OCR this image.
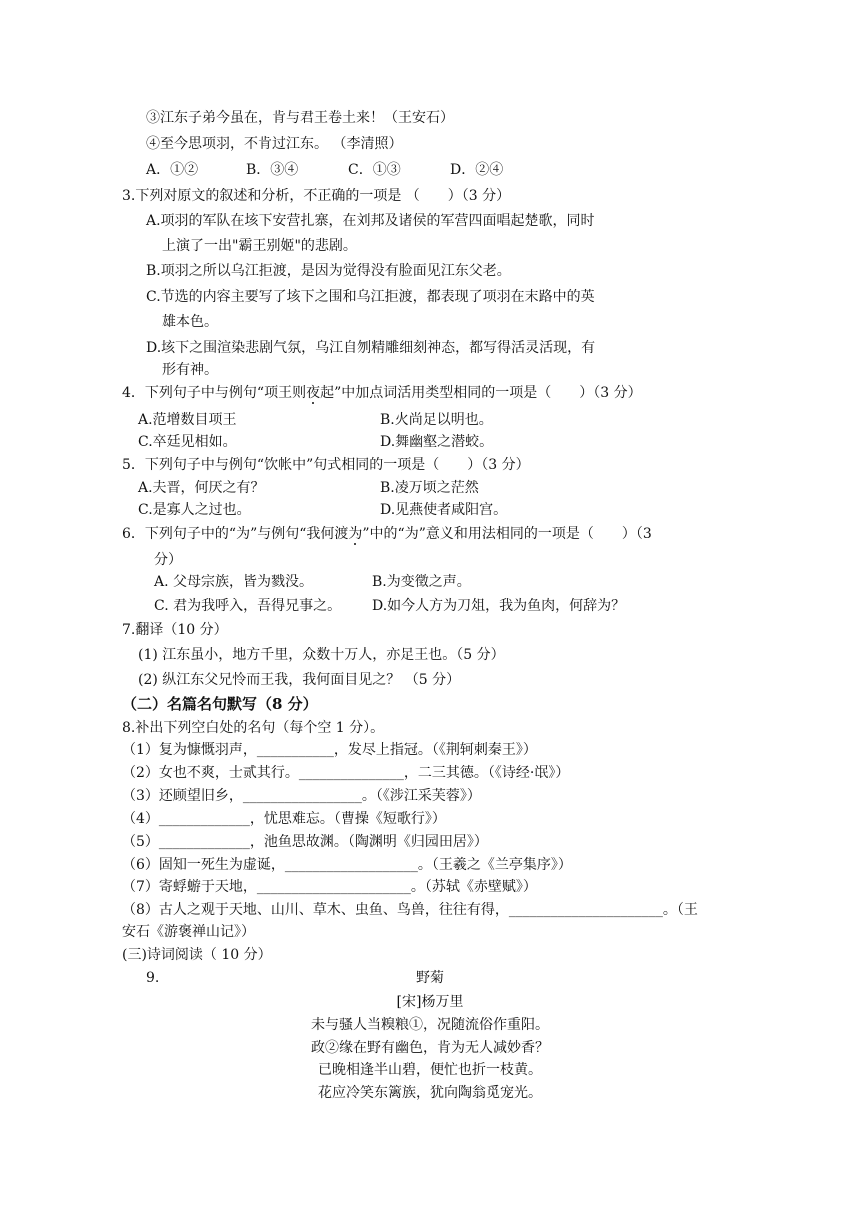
③江东子弟今虽在，肯与君王卷土来！（王安石）
④至今思项羽，不肯过江东。 （李清照）
A．①②	B．③④	C．①③	D．②④
3.下列对原文的叙述和分析，不正确的一项是 （　　）（3 分）
A.项羽的军队在垓下安营扎寨，在刘邦及诸侯的军营四面唱起楚歌，同时
上演了一出"霸王别姬"的悲剧。
B.项羽之所以乌江拒渡，是因为觉得没有脸面见江东父老。
C.节选的内容主要写了垓下之围和乌江拒渡，都表现了项羽在末路中的英
雄本色。
D.垓下之围渲染悲剧气氛，乌江自刎精雕细刻神态，都写得活灵活现，有
形有神。
4．下列句子中与例句“项王则夜起”中加点词活用类型相同的一项是（　　）（3 分）
A.范增数目项王	B.火尚足以明也。
C.卒廷见相如。	D.舞幽壑之潜蛟。
5．下列句子中与例句“饮帐中”句式相同的一项是（　　）（3 分）
A.夫晋，何厌之有？	B.凌万顷之茫然
C.是寡人之过也。	D.见燕使者咸阳宫。
6．下列句子中的“为”与例句“我何渡为”中的“为”意义和用法相同的一项是（　　）（3
分）
A. 父母宗族，皆为戮没。	B.为变徵之声。
C. 君为我呼入，吾得兄事之。 D.如今人方为刀俎，我为鱼肉，何辞为？
7.翻译（10 分）
(1) 江东虽小，地方千里，众数十万人，亦足王也。（5 分）
(2) 纵江东父兄怜而王我，我何面目见之？ （5 分）
（二）名篇名句默写（8 分）
8.补出下列空白处的名句（每个空 1 分）。
（1）复为慷慨羽声，___________，发尽上指冠。（《荆轲刺秦王》）
（2）女也不爽，士贰其行。_______________，二三其德。（《诗经·氓》）
（3）还顾望旧乡，_________________。（《涉江采芙蓉》）
（4）_____________，忧思难忘。（曹操《短歌行》）
（5）_____________，池鱼思故渊。（陶渊明《归园田居》）
（6）固知一死生为虚诞，___________________。（王羲之《兰亭集序》）
（7）寄蜉蝣于天地，______________________。（苏轼《赤壁赋》）
（8）古人之观于天地、山川、草木、虫鱼、鸟兽，往往有得，______________________。（王
安石《游褒禅山记》）
(三)诗词阅读（ 10 分）
9.	野菊
[宋]杨万里
未与骚人当糗粮①，况随流俗作重阳。
政②缘在野有幽色，肯为无人减妙香？
已晚相逢半山碧，便忙也折一枝黄。
花应冷笑东篱族，犹向陶翁觅宠光。
